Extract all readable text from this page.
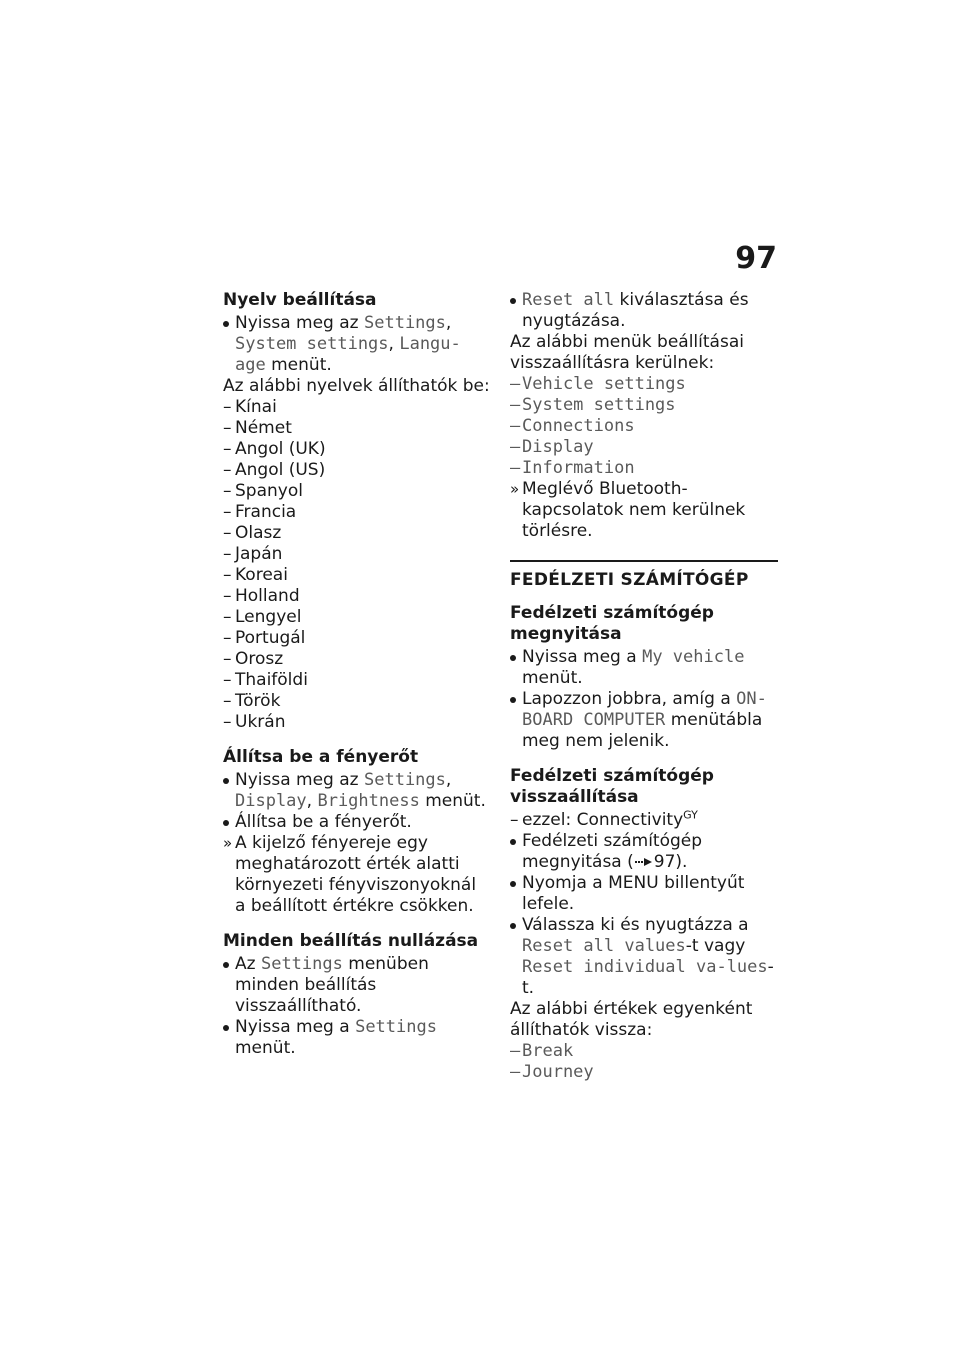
97

Nyelv beállítása

Nyissa meg az Settings, System settings, Langu-age menüt.

Az alábbi nyelvek állíthatók be:

– Kínai
– Német
– Angol (UK)
– Angol (US)
– Spanyol
– Francia
– Olasz
– Japán
– Koreai
– Holland
– Lengyel
– Portugál
– Orosz
– Thaiföldi
– Török
– Ukrán

Állítsa be a fényerőt

Nyissa meg az Settings, Display, Brightness menüt.
Állítsa be a fényerőt.
» A kijelző fényereje egy meghatározott érték alatti környezeti fényviszonyoknál a beállított értékre csökken.

Minden beállítás nullázása

Az Settings menüben minden beállítás visszaállítható.
Nyissa meg a Settings menüt.
Reset all kiválasztása és nyugtázása.

Az alábbi menük beállításai visszaállításra kerülnek:

– Vehicle settings
– System settings
– Connections
– Display
– Information
» Meglévő Bluetooth-kapcsolatok nem kerülnek törlésre.

FEDÉLZETI SZÁMÍTÓGÉP

Fedélzeti számítógép megnyitása

Nyissa meg a My vehicle menüt.
Lapozzon jobbra, amíg a ON-BOARD COMPUTER menütábla meg nem jelenik.

Fedélzeti számítógép visszaállítása

– ezzel: Connectivity$^{GY}$
Fedélzeti számítógép megnyitása ( 97).
Nyomja a MENU billentyűt lefele.
Válassza ki és nyugtázza a Reset all values-t vagy Reset individual va-lues-t.

Az alábbi értékek egyenként állíthatók vissza:

– Break
– Journey
